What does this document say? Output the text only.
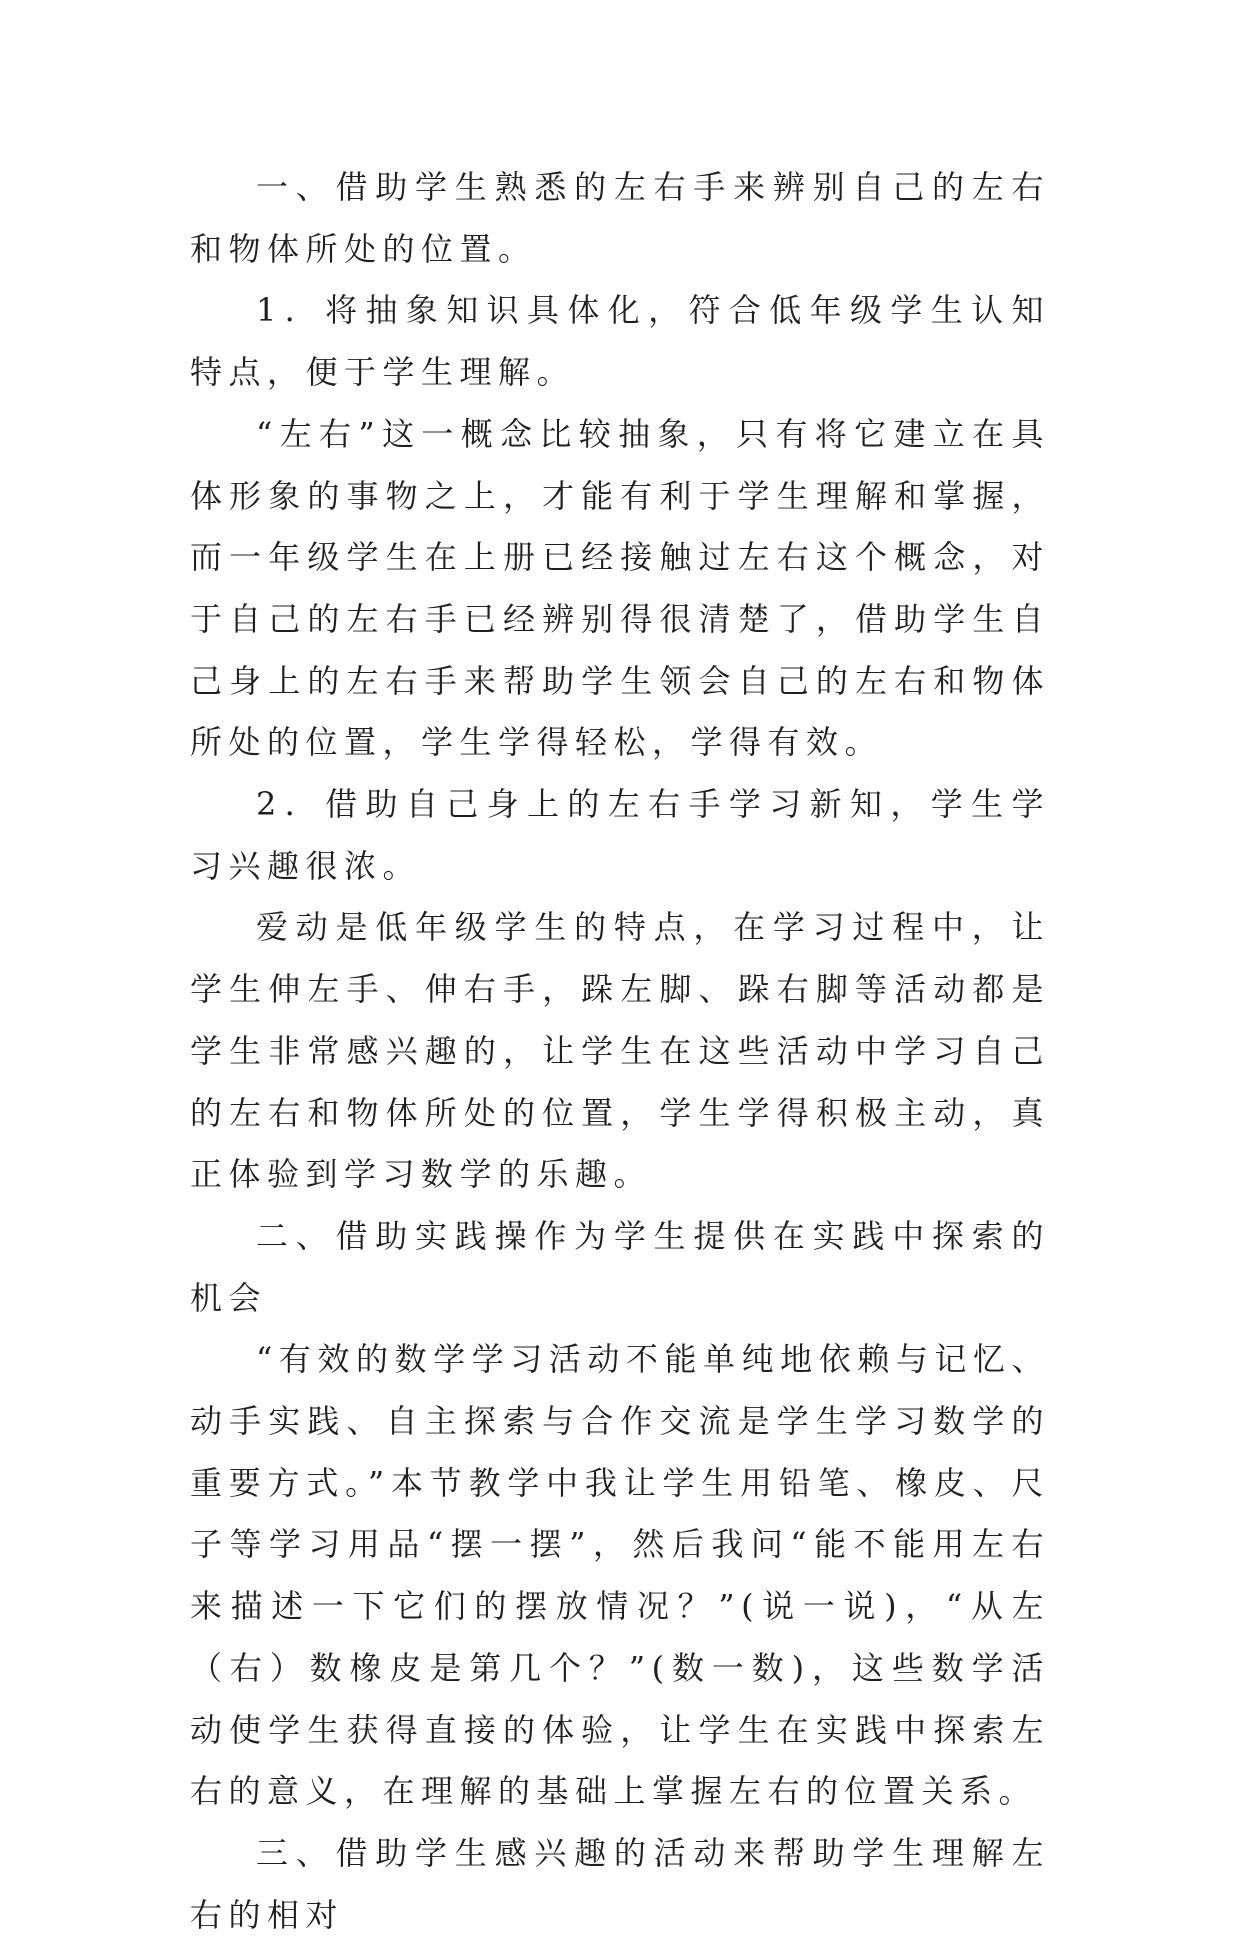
一、借助学生熟悉的左右手来辨别自己的左右和物体所处的位置。

1．将抽象知识具体化，符合低年级学生认知特点，便于学生理解。

“左右”这一概念比较抽象，只有将它建立在具体形象的事物之上，才能有利于学生理解和掌握，而一年级学生在上册已经接触过左右这个概念，对于自己的左右手已经辨别得很清楚了，借助学生自己身上的左右手来帮助学生领会自己的左右和物体所处的位置，学生学得轻松，学得有效。

2．借助自己身上的左右手学习新知，学生学习兴趣很浓。

爱动是低年级学生的特点，在学习过程中，让学生伸左手、伸右手，跺左脚、跺右脚等活动都是学生非常感兴趣的，让学生在这些活动中学习自己的左右和物体所处的位置，学生学得积极主动，真正体验到学习数学的乐趣。

二、借助实践操作为学生提供在实践中探索的机会

“有效的数学学习活动不能单纯地依赖与记忆、动手实践、自主探索与合作交流是学生学习数学的重要方式。”本节教学中我让学生用铅笔、橡皮、尺子等学习用品“摆一摆”，然后我问“能不能用左右来描述一下它们的摆放情况？”(说一说)，“从左（右）数橡皮是第几个？”(数一数)，这些数学活动使学生获得直接的体验，让学生在实践中探索左右的意义，在理解的基础上掌握左右的位置关系。

三、借助学生感兴趣的活动来帮助学生理解左右的相对
